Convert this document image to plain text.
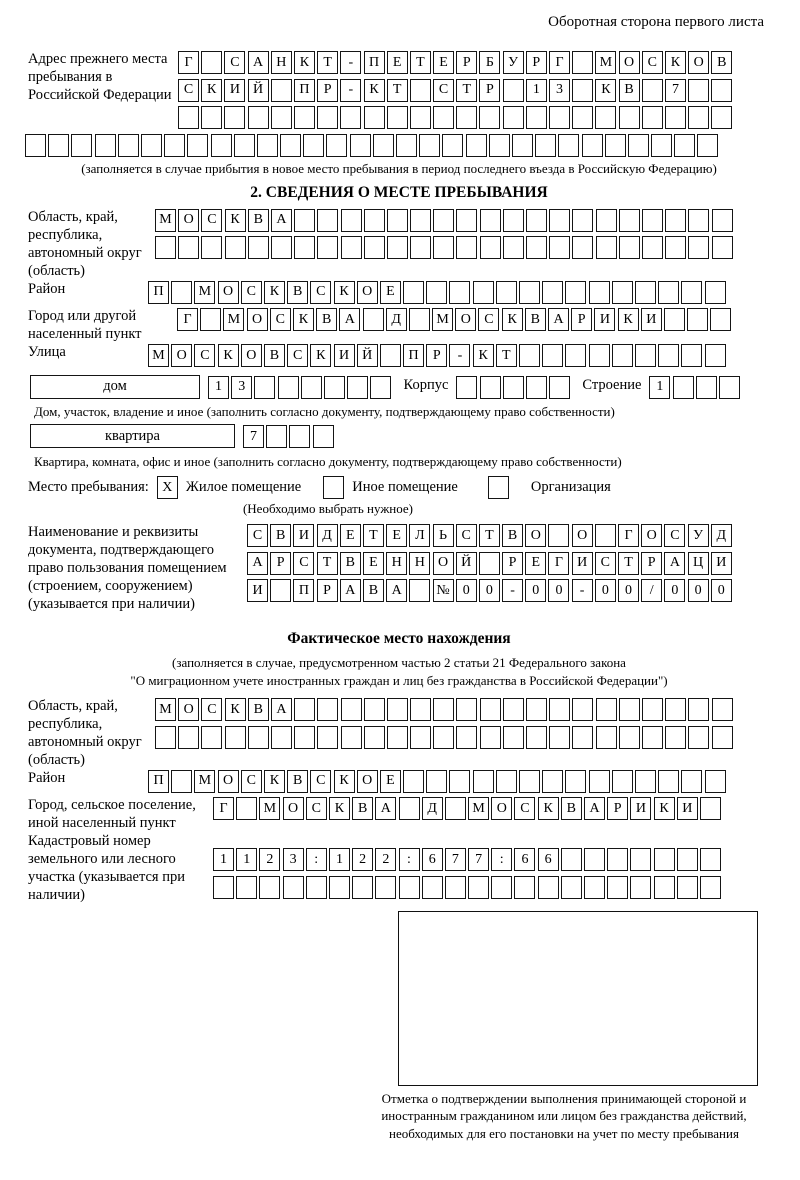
Оборотная сторона первого листа
Адрес прежнего места пребывания в Российской Федерации
Г	С А Н К	Т	-	П Е	Т	Е	Р	Б	У	Р	Г	М О С К О В
С К И Й	П	Р	-	К	Т	С	Т	Р	1	3	К В	7
(заполняется в случае прибытия в новое место пребывания в период последнего въезда в Российскую Федерацию)
2. СВЕДЕНИЯ О МЕСТЕ ПРЕБЫВАНИЯ
Область, край, республика, автономный округ (область)
М О С К В А
Район	П	М О С К В С К О Е
Город или другой населенный пункт
Г	М О С К В А	Д	М О С К В А	Р	И К И
Улица	М О С К О В С К И Й	П	Р	-	К	Т
дом	1	3	Корпус	Строение	1
Дом, участок, владение и иное (заполнить согласно документу, подтверждающему право собственности)
квартира	7
Квартира, комната, офис и иное (заполнить согласно документу, подтверждающему право собственности)
Место пребывания: X Жилое помещение	Иное помещение	Организация
(Необходимо выбрать нужное)
Наименование и реквизиты документа, подтверждающего право пользования помещением (строением, сооружением) (указывается при наличии)
С В И Д	Е	Т	Е	Л	Ь	С	Т	В О	О	Г	О С У Д
А	Р	С	Т	В	Е Н Н О Й	Р	Е	Г	И С	Т	Р	А Ц И
И	П	Р	А В А	№ 0	0	-	0	0	-	0	0	/	0	0	0
Фактическое место нахождения
(заполняется в случае, предусмотренном частью 2 статьи 21 Федерального закона
"О миграционном учете иностранных граждан и лиц без гражданства в Российской Федерации")
Область, край, республика, автономный округ (область)
М О С К В А
Район	П	М О С К В С К О Е
Город, сельское поселение, иной населенный пункт
Г	М О С К В А	Д	М О С К В А	Р	И К И
Кадастровый номер земельного или лесного участка (указывается при наличии)
1	1	2	3	:	1	2	2	:	6	7	7	:	6	6
Отметка о подтверждении выполнения принимающей стороной и иностранным гражданином или лицом без гражданства действий, необходимых для его постановки на учет по месту пребывания
